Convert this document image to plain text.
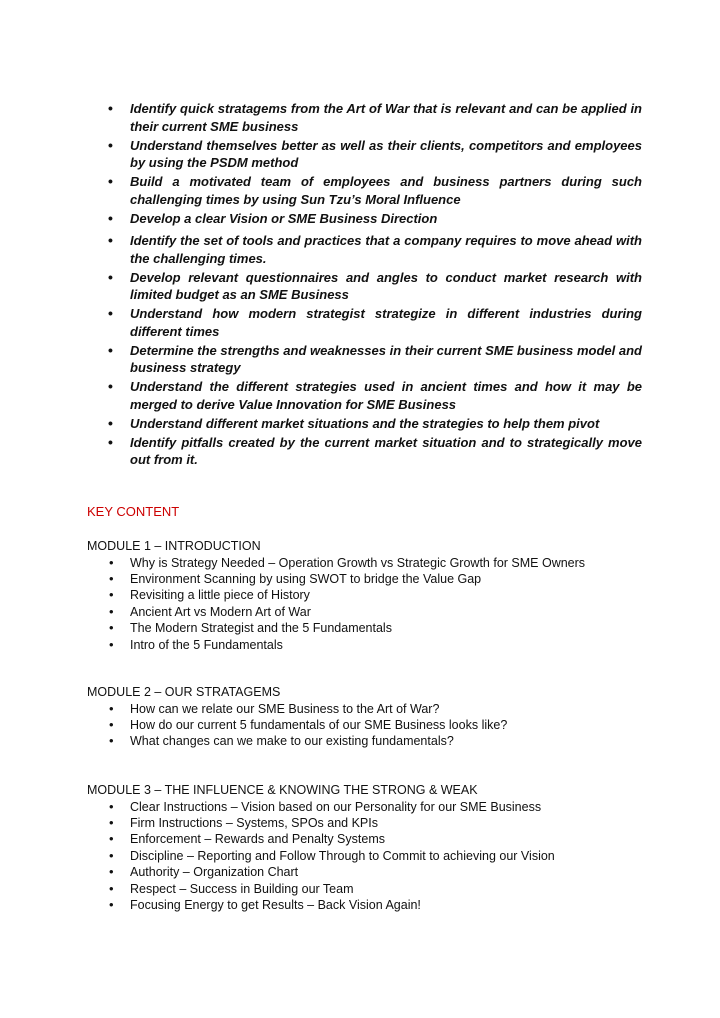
• Identify quick stratagems from the Art of War that is relevant and can be applied in their current SME business
• Understand themselves better as well as their clients, competitors and employees by using the PSDM method
• Build a motivated team of employees and business partners during such challenging times by using Sun Tzu’s Moral Influence
• Develop a clear Vision or SME Business Direction
• Identify the set of tools and practices that a company requires to move ahead with the challenging times.
• Develop relevant questionnaires and angles to conduct market research with limited budget as an SME Business
• Understand how modern strategist strategize in different industries during different times
• Determine the strengths and weaknesses in their current SME business model and business strategy
• Understand the different strategies used in ancient times and how it may be merged to derive Value Innovation for SME Business
• Understand different market situations and the strategies to help them pivot
• Identify pitfalls created by the current market situation and to strategically move out from it.
KEY CONTENT
MODULE 1 – INTRODUCTION
• Why is Strategy Needed – Operation Growth vs Strategic Growth for SME Owners
• Environment Scanning by using SWOT to bridge the Value Gap
• Revisiting a little piece of History
• Ancient Art vs Modern Art of War
• The Modern Strategist and the 5 Fundamentals
• Intro of the 5 Fundamentals
MODULE 2 – OUR STRATAGEMS
• How can we relate our SME Business to the Art of War?
• How do our current 5 fundamentals of our SME Business looks like?
• What changes can we make to our existing fundamentals?
MODULE 3 – THE INFLUENCE & KNOWING THE STRONG & WEAK
• Clear Instructions – Vision based on our Personality for our SME Business
• Firm Instructions – Systems, SPOs and KPIs
• Enforcement – Rewards and Penalty Systems
• Discipline – Reporting and Follow Through to Commit to achieving our Vision
• Authority – Organization Chart
• Respect – Success in Building our Team
• Focusing Energy to get Results – Back Vision Again!
